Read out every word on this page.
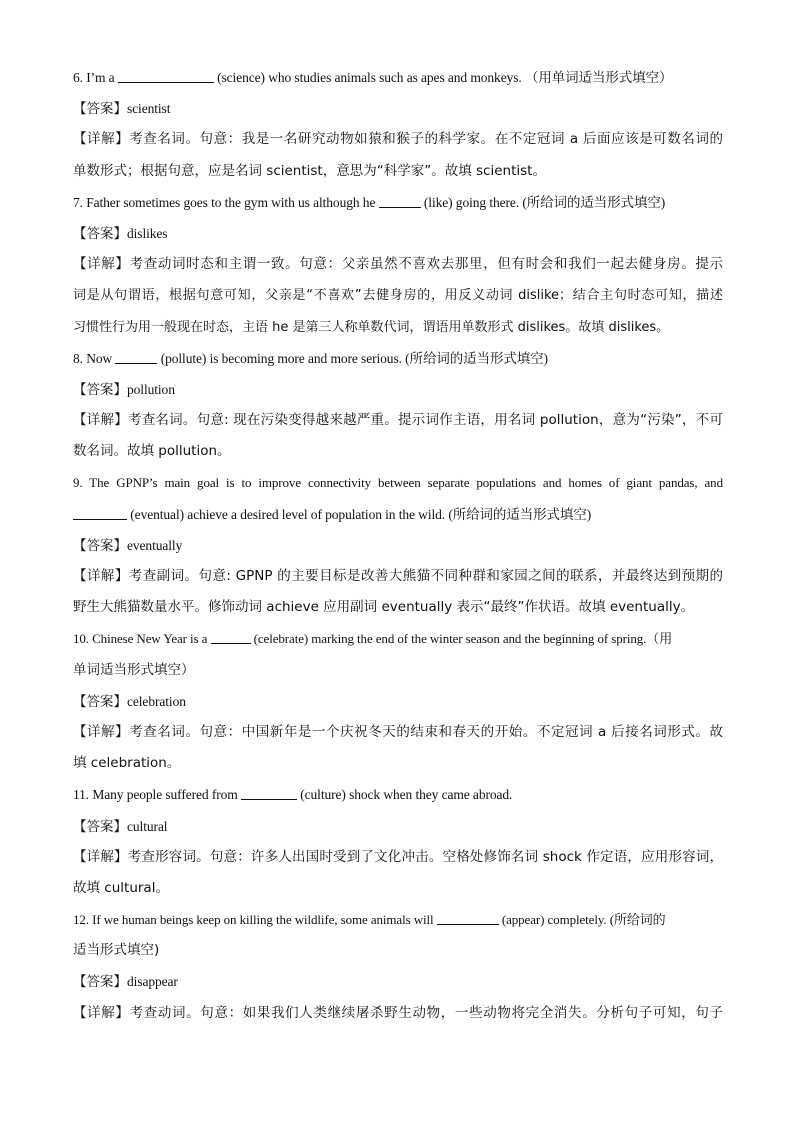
6. I’m a	(science) who studies animals such as apes and monkeys. （用单词适当形式填空）
【答案】scientist
【详解】考查名词。句意：我是一名研究动物如猿和猴子的科学家。在不定冠词 a 后面应该是可数名词的
单数形式；根据句意，应是名词 scientist，意思为“科学家”。故填 scientist。
7. Father sometimes goes to the gym with us although he	(like) going there. (所给词的适当形式填空)
【答案】dislikes
【详解】考查动词时态和主谓一致。句意：父亲虽然不喜欢去那里，但有时会和我们一起去健身房。提示
词是从句谓语，根据句意可知，父亲是“不喜欢”去健身房的，用反义动词 dislike；结合主句时态可知，描述
习惯性行为用一般现在时态，主语 he 是第三人称单数代词，谓语用单数形式 dislikes。故填 dislikes。
8. Now	(pollute) is becoming more and more serious. (所给词的适当形式填空)
【答案】pollution
【详解】考查名词。句意: 现在污染变得越来越严重。提示词作主语，用名词 pollution，意为“污染”，不可
数名词。故填 pollution。
9. The GPNP’s main goal is to improve connectivity between separate populations and homes of giant pandas, and
(eventual) achieve a desired level of population in the wild. (所给词的适当形式填空)
【答案】eventually
【详解】考查副词。句意: GPNP 的主要目标是改善大熊猫不同种群和家园之间的联系，并最终达到预期的
野生大熊猫数量水平。修饰动词 achieve 应用副词 eventually 表示“最终”作状语。故填 eventually。
10. Chinese New Year is a	(celebrate) marking the end of the winter season and the beginning of spring.（用
单词适当形式填空）
【答案】celebration
【详解】考查名词。句意：中国新年是一个庆祝冬天的结束和春天的开始。不定冠词 a 后接名词形式。故
填 celebration。
11. Many people suffered from	(culture) shock when they came abroad.
【答案】cultural
【详解】考查形容词。句意：许多人出国时受到了文化冲击。空格处修饰名词 shock 作定语，应用形容词，
故填 cultural。
12. If we human beings keep on killing the wildlife, some animals will	(appear) completely. (所给词的
适当形式填空)
【答案】disappear
【详解】考查动词。句意：如果我们人类继续屠杀野生动物，一些动物将完全消失。分析句子可知，句子
